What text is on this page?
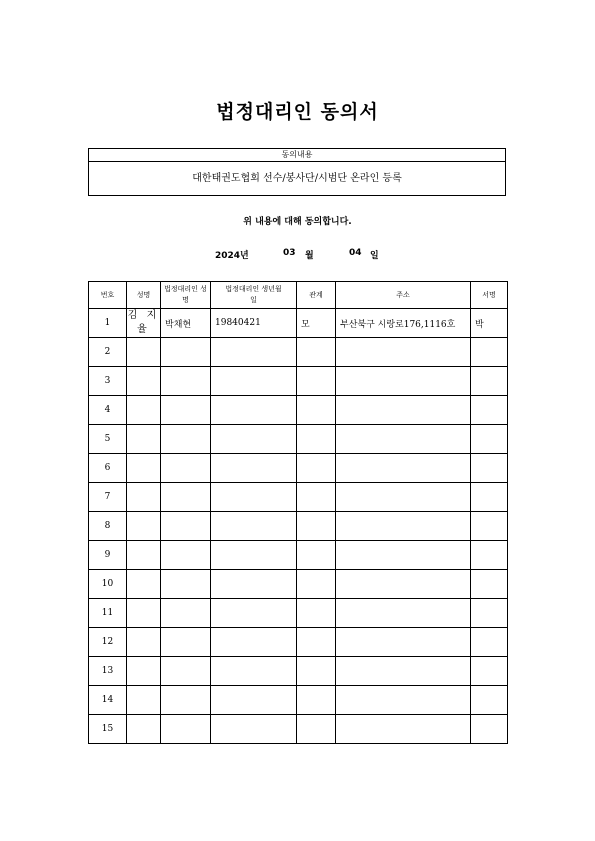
법정대리인 동의서
동의내용
대한태권도협회 선수/봉사단/시범단 온라인 등록
위 내용에 대해 동의합니다.
2024년	03 월	04 일
번호	성명	법정대리인 성명	법정대리인 생년월일	관계	주소	서명
1	김 지 율	박채현	19840421	모	부산북구 시랑로176,1116호	박
2						
3						
4						
5						
6						
7						
8						
9						
10						
11						
12						
13						
14						
15						
